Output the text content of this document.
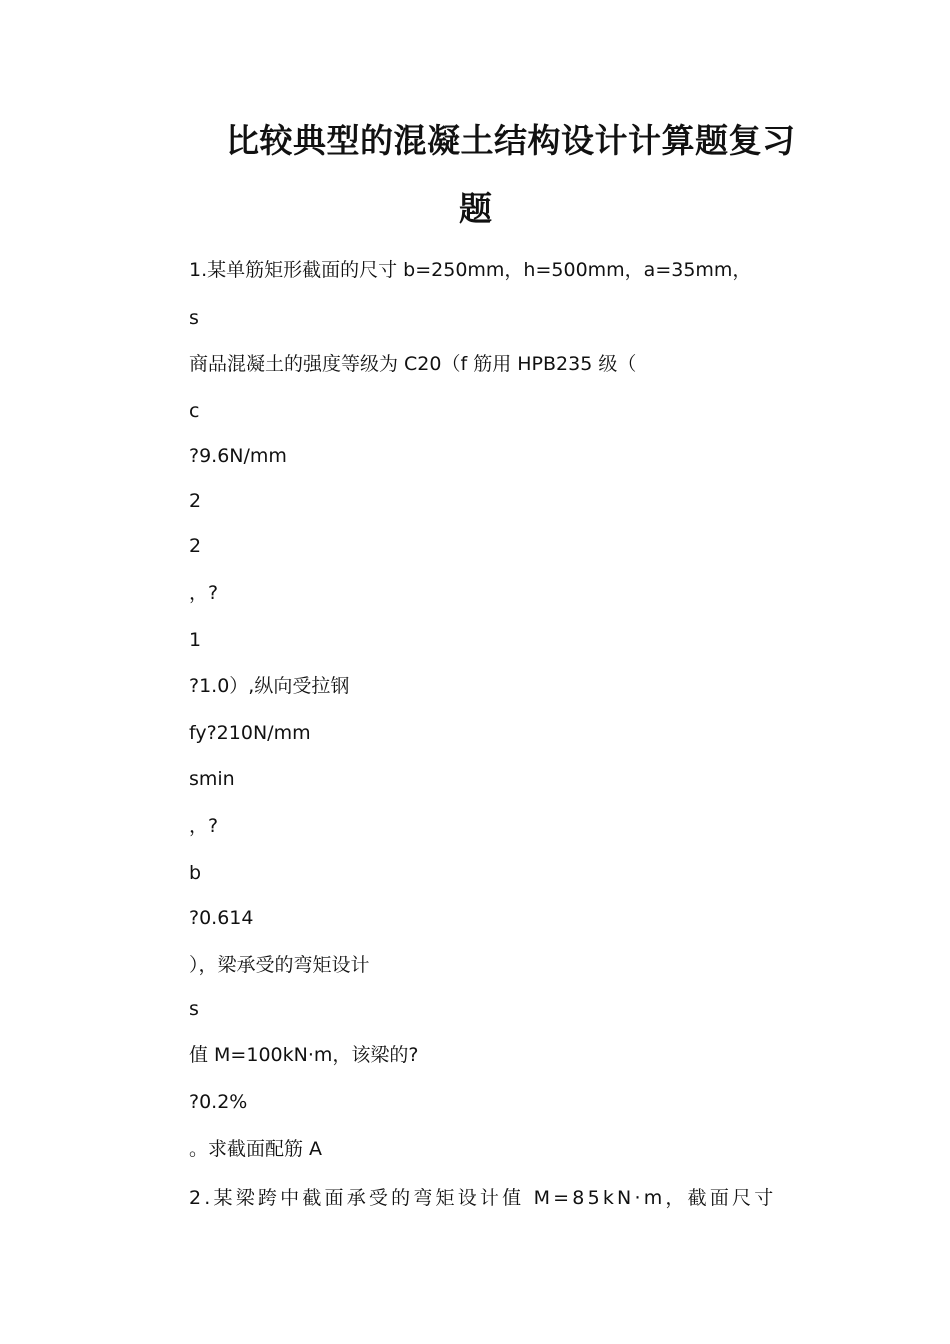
比较典型的混凝土结构设计计算题复习
题
1.某单筋矩形截面的尺寸 b=250mm，h=500mm，a=35mm，
s
商品混凝土的强度等级为 C20（f 筋用 HPB235 级（
c
?9.6N/mm
2
2
，?
1
?1.0）,纵向受拉钢
fy?210N/mm
smin
，?
b
?0.614
），梁承受的弯矩设计
s
值 M=100kN·m，该梁的?
?0.2%
。求截面配筋 A
2.某梁跨中截面承受的弯矩设计值 M=85kN·m，截面尺寸
